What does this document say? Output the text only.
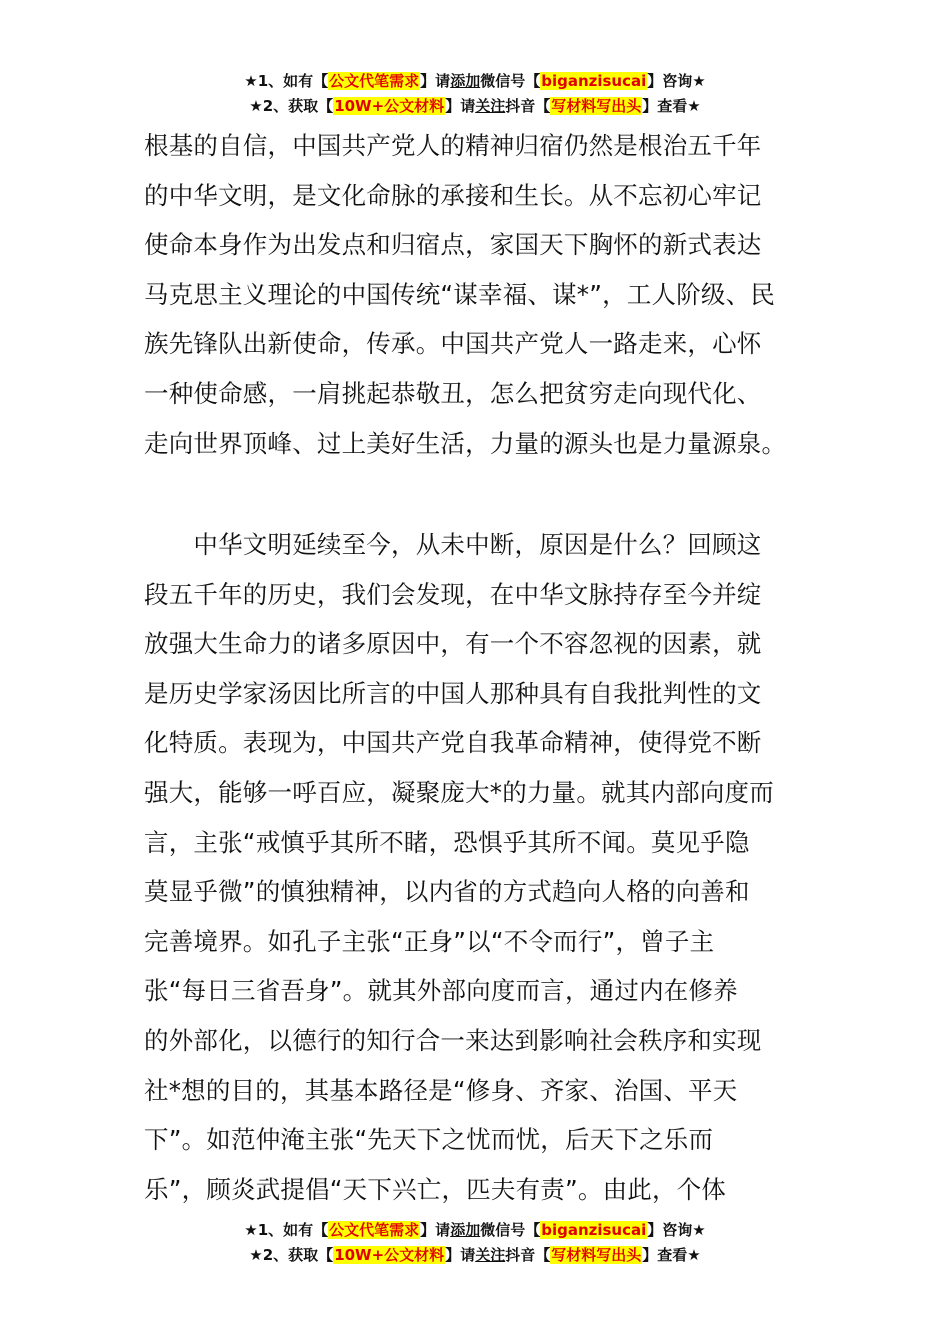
★1、如有【公文代笔需求】请添加微信号【biganzisucai】咨询★
★2、获取【10W+公文材料】请关注抖音【写材料写出头】查看★
根基的自信，中国共产党人的精神归宿仍然是根治五千年
的中华文明，是文化命脉的承接和生长。从不忘初心牢记
使命本身作为出发点和归宿点，家国天下胸怀的新式表达
马克思主义理论的中国传统“谋幸福、谋*”，工人阶级、民
族先锋队出新使命，传承。中国共产党人一路走来，心怀
一种使命感，一肩挑起恭敬丑，怎么把贫穷走向现代化、
走向世界顶峰、过上美好生活，力量的源头也是力量源泉。
　　中华文明延续至今，从未中断，原因是什么？回顾这
段五千年的历史，我们会发现，在中华文脉持存至今并绽
放强大生命力的诸多原因中，有一个不容忽视的因素，就
是历史学家汤因比所言的中国人那种具有自我批判性的文
化特质。表现为，中国共产党自我革命精神，使得党不断
强大，能够一呼百应，凝聚庞大*的力量。就其内部向度而
言，主张“戒慎乎其所不睹，恐惧乎其所不闻。莫见乎隐
莫显乎微”的慎独精神，以内省的方式趋向人格的向善和
完善境界。如孔子主张“正身”以“不令而行”，曾子主
张“每日三省吾身”。就其外部向度而言，通过内在修养
的外部化，以德行的知行合一来达到影响社会秩序和实现
社*想的目的，其基本路径是“修身、齐家、治国、平天
下”。如范仲淹主张“先天下之忧而忧，后天下之乐而
乐”，顾炎武提倡“天下兴亡，匹夫有责”。由此，个体
★1、如有【公文代笔需求】请添加微信号【biganzisucai】咨询★
★2、获取【10W+公文材料】请关注抖音【写材料写出头】查看★
